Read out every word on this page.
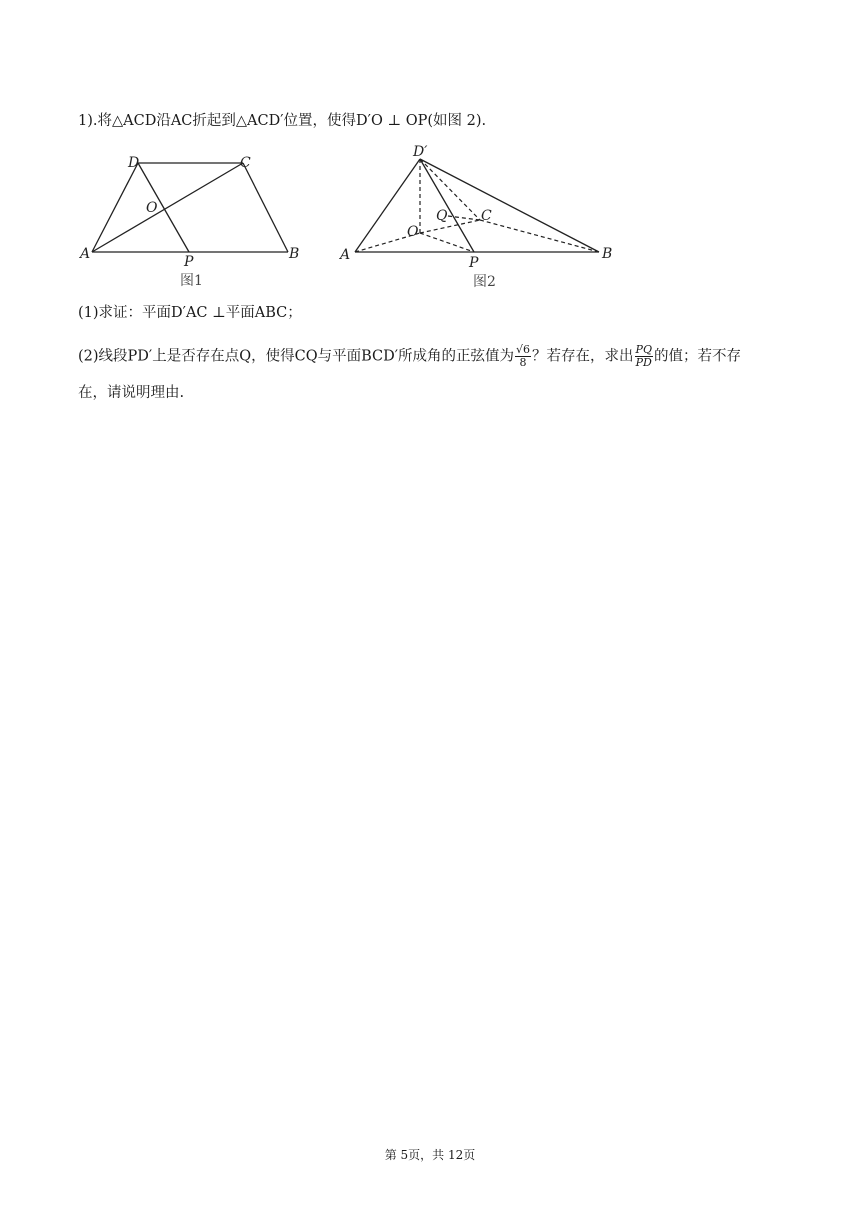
1).将△ACD沿AC折起到△ACD′位置，使得D′O ⊥ OP(如图 2).
D	C
O
A	B
P
图1
D′
Q C
O
A	B
P
图2
(1)求证：平面D′AC ⊥平面ABC；
(2)线段PD′上是否存在点Q，使得CQ与平面BCD′所成角的正弦值为 $\frac{√6}{8}$ ？若存在，求出 $\frac{PQ}{PD}$ 的值；若不存
在，请说明理由.
第 5页，共 12页
